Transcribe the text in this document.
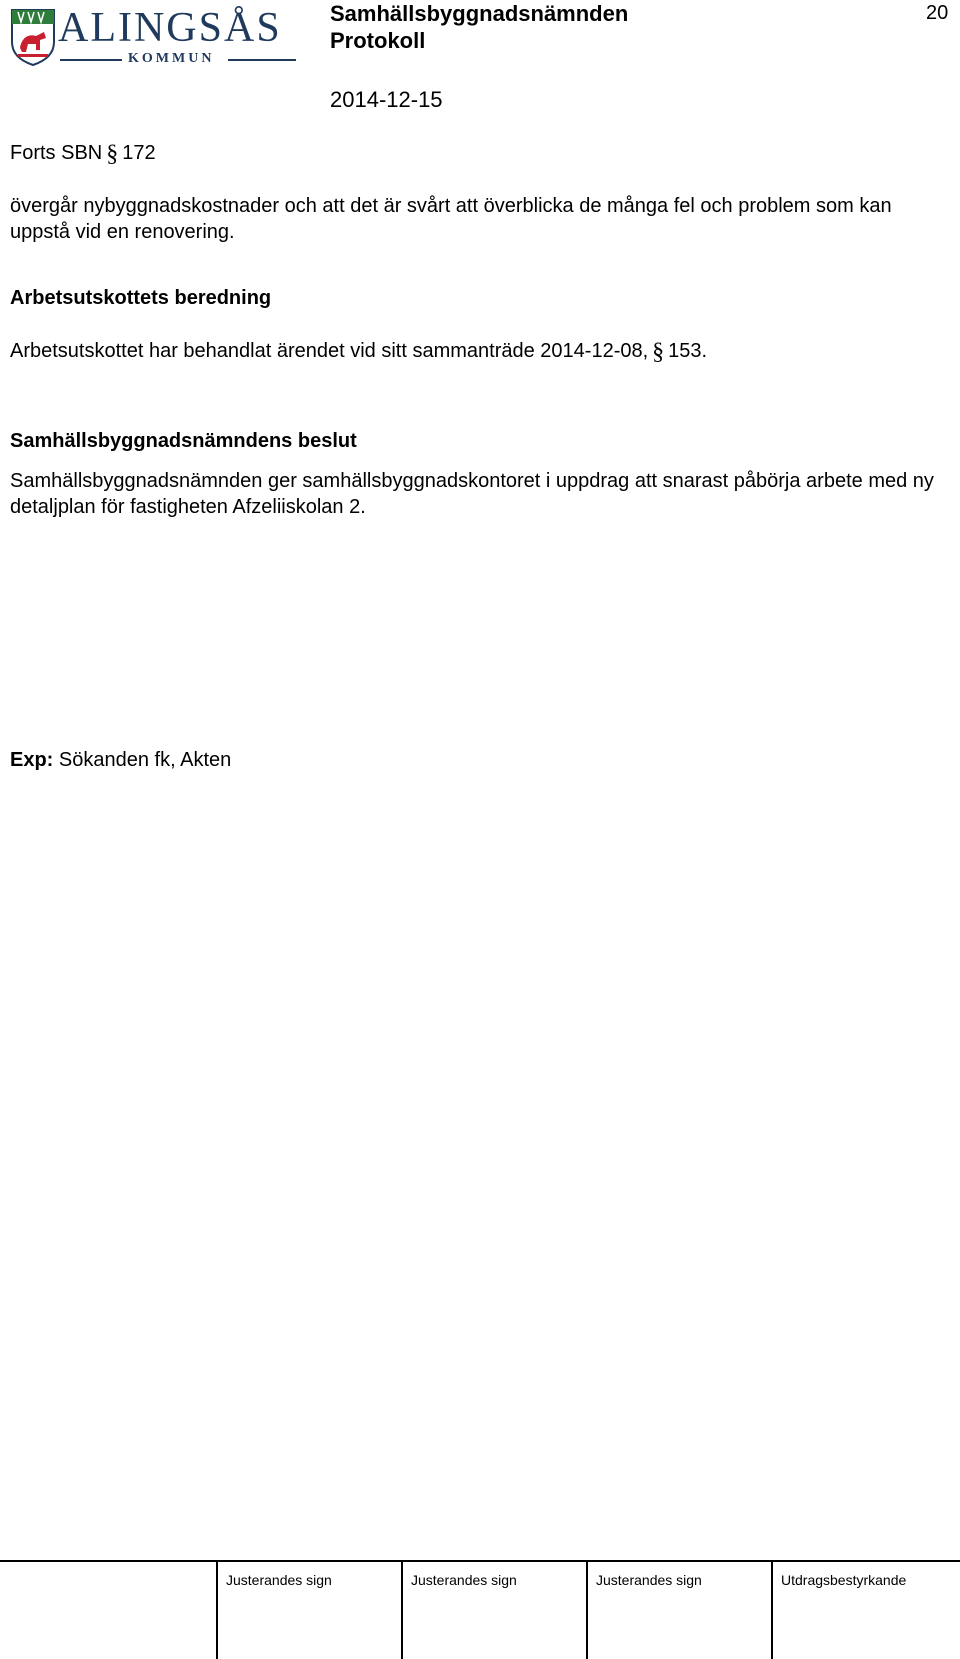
ALINGSÅS
KOMMUN
Samhällsbyggnadsnämnden
Protokoll
2014-12-15
20
Forts SBN § 172
övergår nybyggnadskostnader och att det är svårt att överblicka de många fel och problem som kan uppstå vid en renovering.
Arbetsutskottets beredning
Arbetsutskottet har behandlat ärendet vid sitt sammanträde 2014-12-08, § 153.
Samhällsbyggnadsnämndens beslut
Samhällsbyggnadsnämnden ger samhällsbyggnadskontoret i uppdrag att snarast påbörja arbete med ny detaljplan för fastigheten Afzeliiskolan 2.
Exp: Sökanden fk, Akten
Justerandes sign	Justerandes sign	Justerandes sign	Utdragsbestyrkande
